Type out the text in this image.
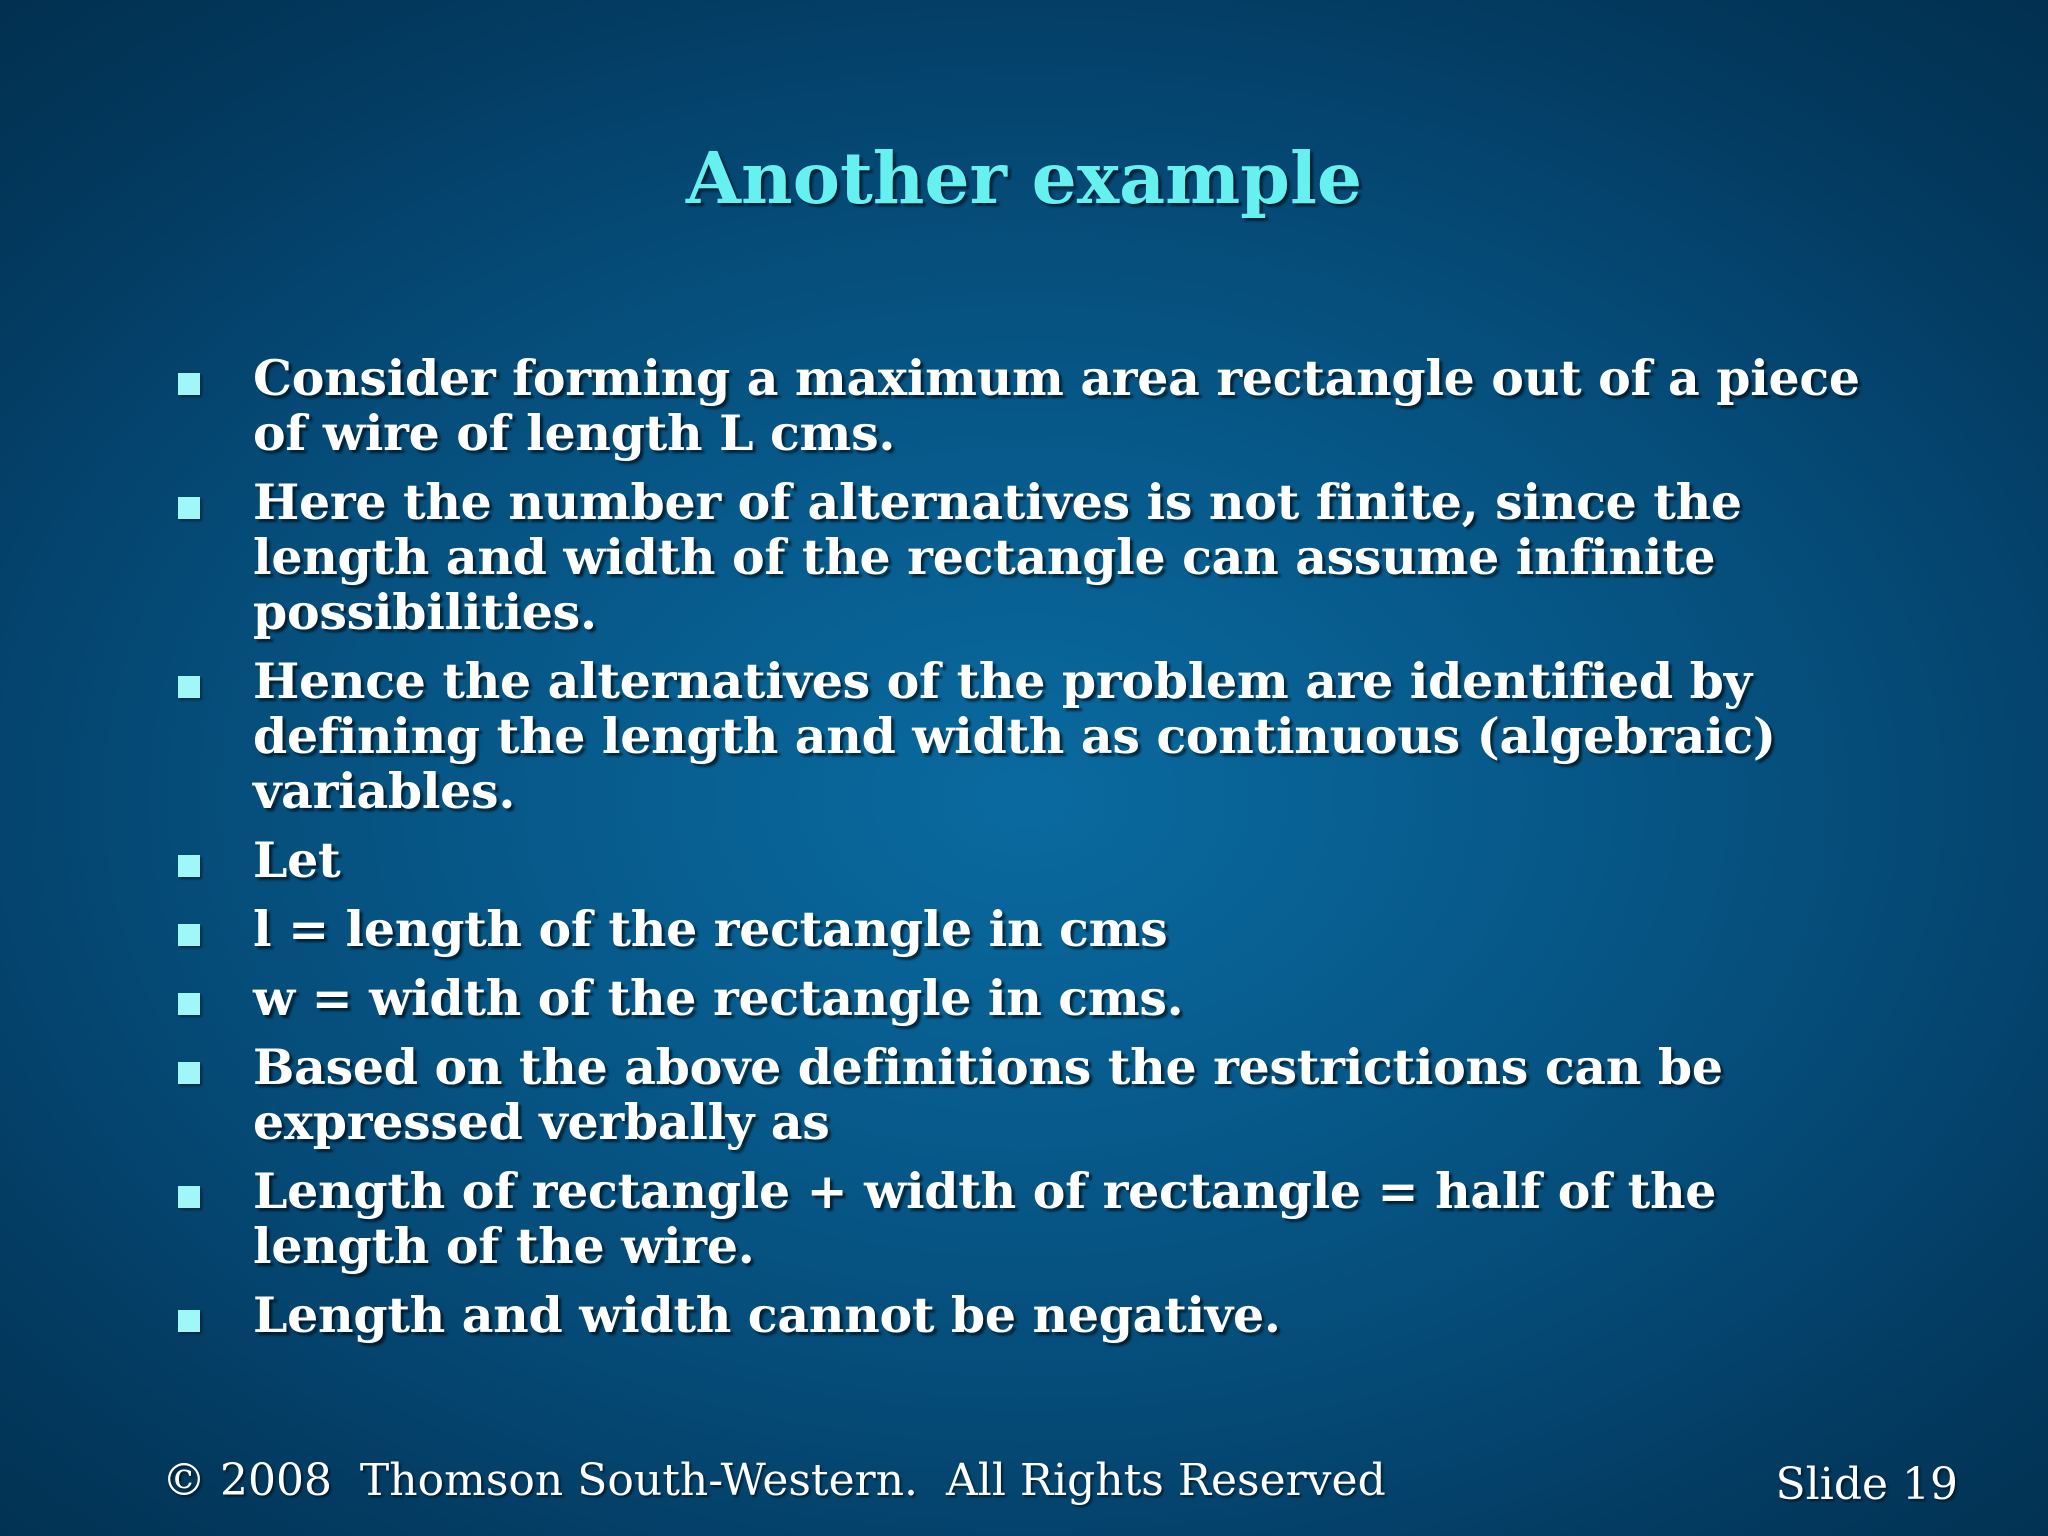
Another example
Consider forming a maximum area rectangle out of a piece of wire of length L cms.
Here the number of alternatives is not finite, since the length and width of the rectangle can assume infinite possibilities.
Hence the alternatives of the problem are identified by defining the length and width as continuous (algebraic) variables.
Let
l = length of the rectangle in cms
w = width of the rectangle in cms.
Based on the above definitions the restrictions can be expressed verbally as
Length of rectangle + width of rectangle = half of the length of the wire.
Length and width cannot be negative.
© 2008  Thomson South-Western.  All Rights Reserved	Slide 19
